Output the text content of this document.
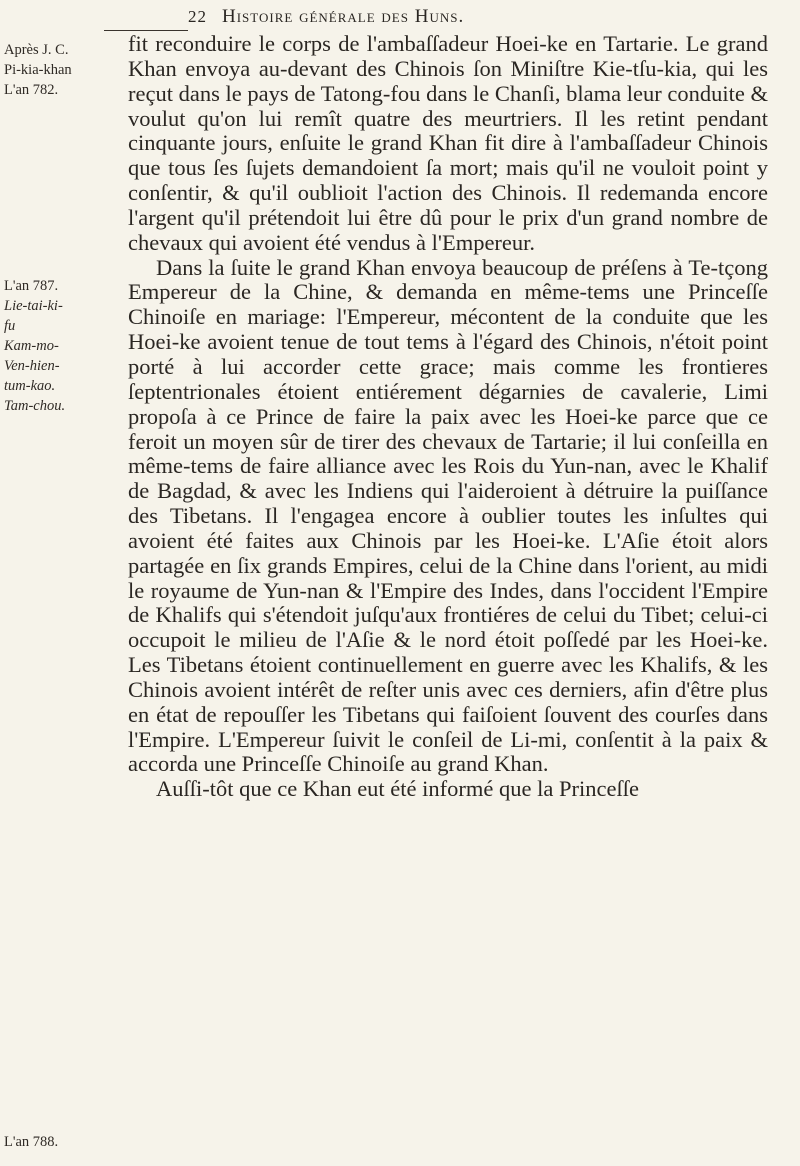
22 Histoire générale des Huns.
Après J. C.
Pi-kia-khan
L'an 782.
L'an 787.
Lie-tai-ki-
fu
Kam-mo-
Ven-hien-
tum-kao.
Tam-chou.
L'an 788.

fit reconduire le corps de l'ambaſſadeur Hoei-ke en Tartarie. Le grand Khan envoya au-devant des Chinois ſon Miniſtre Kie-tſu-kia, qui les reçut dans le pays de Tatong-fou dans le Chanſi, blama leur conduite & voulut qu'on lui remît quatre des meurtriers. Il les retint pendant cinquante jours, enſuite le grand Khan fit dire à l'ambaſſadeur Chinois que tous ſes ſujets demandoient ſa mort; mais qu'il ne vouloit point y conſentir, & qu'il oublioit l'action des Chinois. Il redemanda encore l'argent qu'il prétendoit lui être dû pour le prix d'un grand nombre de chevaux qui avoient été vendus à l'Empereur.

Dans la ſuite le grand Khan envoya beaucoup de préſens à Te-tçong Empereur de la Chine, & demanda en même-tems une Princeſſe Chinoiſe en mariage: l'Empereur, mécontent de la conduite que les Hoei-ke avoient tenue de tout tems à l'égard des Chinois, n'étoit point porté à lui accorder cette grace; mais comme les frontieres ſeptentrionales étoient entiérement dégarnies de cavalerie, Limi propoſa à ce Prince de faire la paix avec les Hoei-ke parce que ce feroit un moyen sûr de tirer des chevaux de Tartarie; il lui conſeilla en même-tems de faire alliance avec les Rois du Yun-nan, avec le Khalif de Bagdad, & avec les Indiens qui l'aideroient à détruire la puiſſance des Tibetans. Il l'engagea encore à oublier toutes les inſultes qui avoient été faites aux Chinois par les Hoei-ke. L'Aſie étoit alors partagée en ſix grands Empires, celui de la Chine dans l'orient, au midi le royaume de Yun-nan & l'Empire des Indes, dans l'occident l'Empire de Khalifs qui s'étendoit juſqu'aux frontiéres de celui du Tibet; celui-ci occupoit le milieu de l'Aſie & le nord étoit poſſedé par les Hoei-ke. Les Tibetans étoient continuellement en guerre avec les Khalifs, & les Chinois avoient intérêt de reſter unis avec ces derniers, afin d'être plus en état de repouſſer les Tibetans qui faiſoient ſouvent des courſes dans l'Empire. L'Empereur ſuivit le conſeil de Li-mi, conſentit à la paix & accorda une Princeſſe Chinoiſe au grand Khan.

Auſſi-tôt que ce Khan eut été informé que la Princeſſe
